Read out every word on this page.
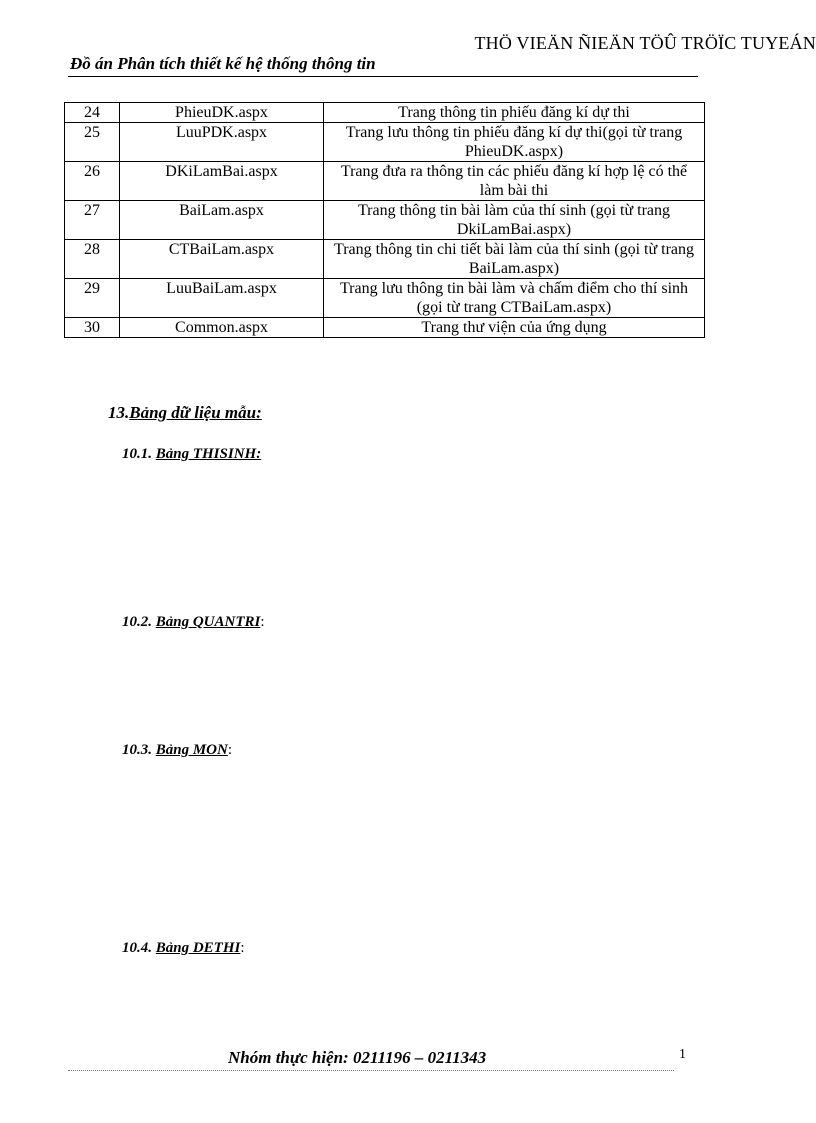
THÖ VIEÄN ÑIEÄN TÖÛ TRÖÏC TUYEÁN
Đồ án Phân tích thiết kế hệ thống thông tin
24	PhieuDK.aspx	Trang thông tin phiếu đăng kí dự thi
25	LuuPDK.aspx	Trang lưu thông tin phiếu đăng kí dự thi(gọi từ trang PhieuDK.aspx)
26	DKiLamBai.aspx	Trang đưa ra thông tin các phiếu đăng kí hợp lệ có thể làm bài thi
27	BaiLam.aspx	Trang thông tin bài làm của thí sinh (gọi từ trang DkiLamBai.aspx)
28	CTBaiLam.aspx	Trang thông tin chi tiết bài làm của thí sinh (gọi từ trang BaiLam.aspx)
29	LuuBaiLam.aspx	Trang lưu thông tin bài làm và chấm điểm cho thí sinh (gọi từ trang CTBaiLam.aspx)
30	Common.aspx	Trang thư viện của ứng dụng
13.Bảng dữ liệu mẫu:
10.1. Bảng THISINH:
10.2. Bảng QUANTRI:
10.3. Bảng MON:
10.4. Bảng DETHI:
Nhóm thực hiện: 0211196 – 0211343	1
